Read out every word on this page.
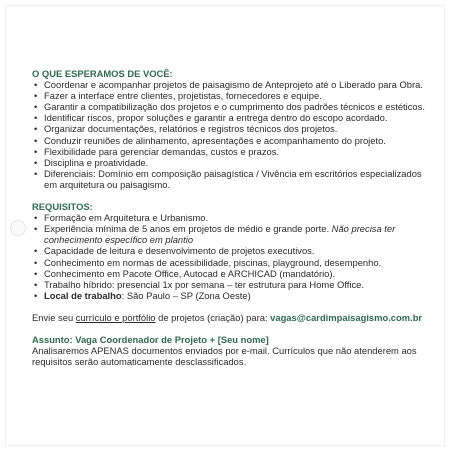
O QUE ESPERAMOS DE VOCÊ:

• Coordenar e acompanhar projetos de paisagismo de Anteprojeto até o Liberado para Obra.
• Fazer a interface entre clientes, projetistas, fornecedores e equipe.
• Garantir a compatibilização dos projetos e o cumprimento dos padrões técnicos e estéticos.
• Identificar riscos, propor soluções e garantir a entrega dentro do escopo acordado.
• Organizar documentações, relatórios e registros técnicos dos projetos.
• Conduzir reuniões de alinhamento, apresentações e acompanhamento do projeto.
• Flexibilidade para gerenciar demandas, custos e prazos.
• Disciplina e proatividade.
• Diferenciais: Domínio em composição paisagística / Vivência em escritórios especializados em arquitetura ou paisagismo.

REQUISITOS:

• Formação em Arquitetura e Urbanismo.
• Experiência mínima de 5 anos em projetos de médio e grande porte. Não precisa ter conhecimento específico em plantio
• Capacidade de leitura e desenvolvimento de projetos executivos.
• Conhecimento em normas de acessibilidade, piscinas, playground, desempenho.
• Conhecimento em Pacote Office, Autocad e ARCHICAD (mandatório).
• Trabalho híbrido: presencial 1x por semana – ter estrutura para Home Office.
• Local de trabalho: São Paulo – SP (Zona Oeste)

Envie seu currículo e portfólio de projetos (criação) para: vagas@cardimpaisagismo.com.br

Assunto: Vaga Coordenador de Projeto + [Seu nome]

Analisaremos APENAS documentos enviados por e-mail. Currículos que não atenderem aos requisitos serão automaticamente desclassificados.
